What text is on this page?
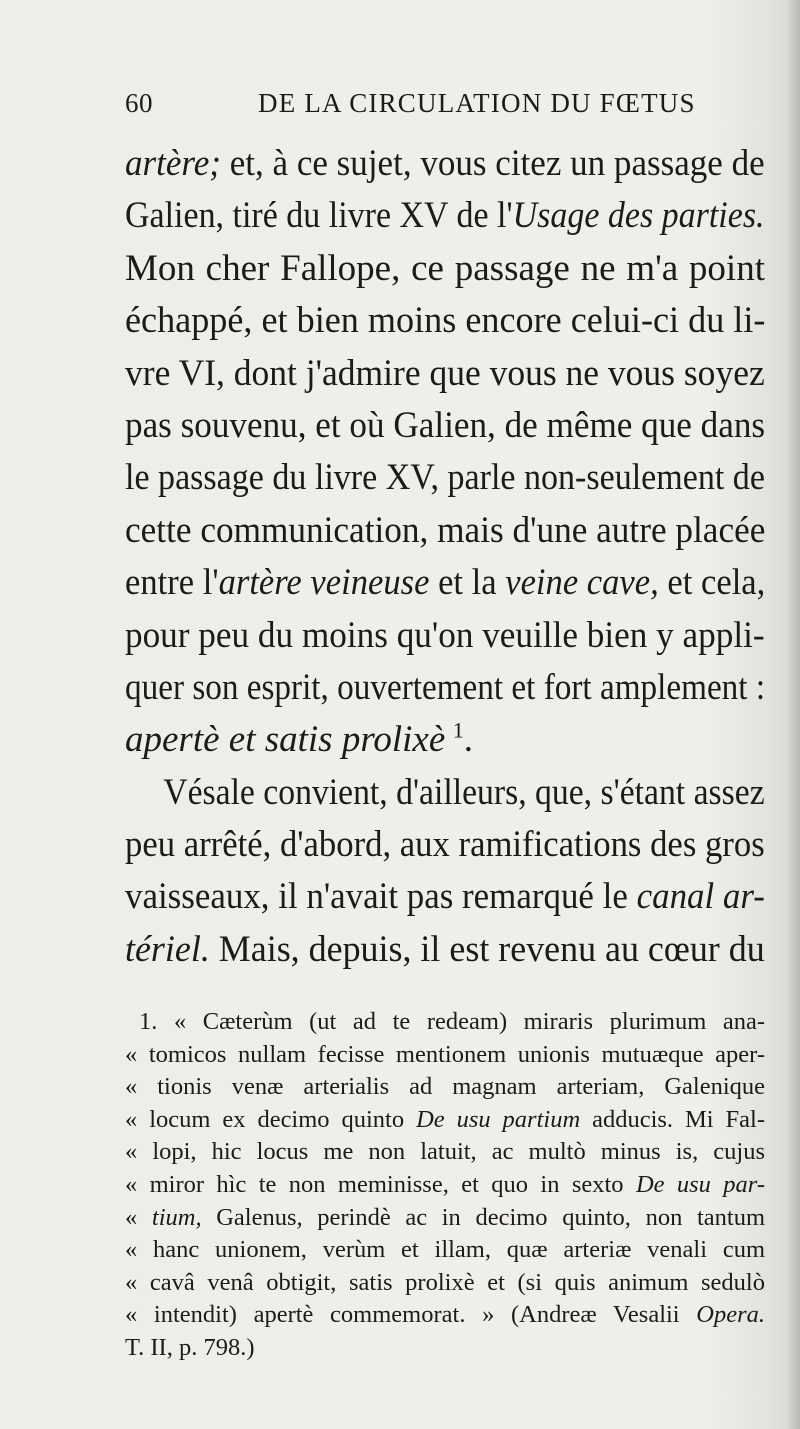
60	DE LA CIRCULATION DU FŒTUS
artère; et, à ce sujet, vous citez un passage de
Galien, tiré du livre XV de l'Usage des parties.
Mon cher Fallope, ce passage ne m'a point
échappé, et bien moins encore celui-ci du li-
vre VI, dont j'admire que vous ne vous soyez
pas souvenu, et où Galien, de même que dans
le passage du livre XV, parle non-seulement de
cette communication, mais d'une autre placée
entre l'artère veineuse et la veine cave, et cela,
pour peu du moins qu'on veuille bien y appli-
quer son esprit, ouvertement et fort amplement :
apertè et satis prolixè  $^1$.
Vésale convient, d'ailleurs, que, s'étant assez
peu arrêté, d'abord, aux ramifications des gros
vaisseaux, il n'avait pas remarqué le canal ar-
tériel. Mais, depuis, il est revenu au cœur du
1. « Cæterùm (ut ad te redeam) miraris plurimum ana-
« tomicos nullam fecisse mentionem unionis mutuæque aper-
« tionis venæ arterialis ad magnam arteriam, Galenique
« locum ex decimo quinto De usu partium adducis. Mi Fal-
« lopi, hic locus me non latuit, ac multò minus is, cujus
« miror hìc te non meminisse, et quo in sexto De usu par-
« tium, Galenus, perindè ac in decimo quinto, non tantum
« hanc unionem, verùm et illam, quæ arteriæ venali cum
« cavâ venâ obtigit, satis prolixè et (si quis animum sedulò
« intendit) apertè commemorat. » (Andreæ Vesalii Opera.
T. II, p. 798.)
